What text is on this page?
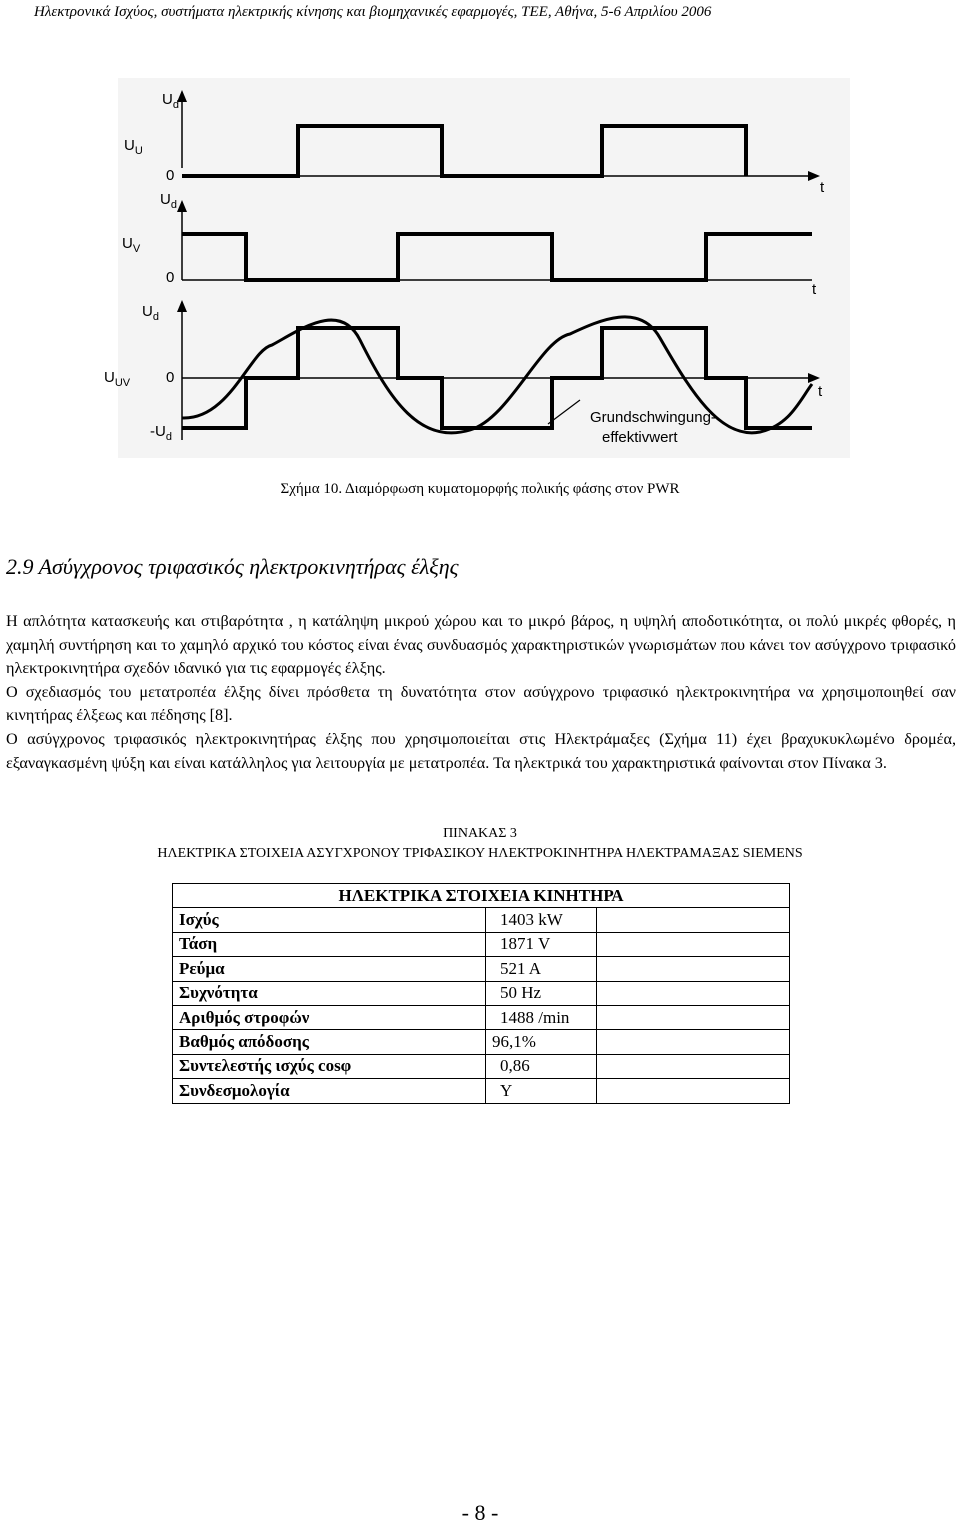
Ηλεκτρονικά Ισχύος, συστήματα ηλεκτρικής κίνησης και βιομηχανικές εφαρμογές, ΤΕΕ, Αθήνα, 5-6 Απριλίου 2006
$U_d$
$U_U$
0
t
$U_d$
$U_V$
0
t
$U_d$
$U_{UV}$ 0
t
$-U_d$
Grundschwingung-
effektivwert
Σχήμα 10. Διαμόρφωση κυματομορφής πολικής φάσης στον PWR
2.9 Ασύγχρονος τριφασικός ηλεκτροκινητήρας έλξης

Η απλότητα κατασκευής και στιβαρότητα , η κατάληψη μικρού χώρου και το μικρό βάρος, η υψηλή αποδοτικότητα, οι πολύ μικρές φθορές, η χαμηλή συντήρηση και το χαμηλό αρχικό του κόστος είναι ένας συνδυασμός χαρακτηριστικών γνωρισμάτων που κάνει τον ασύγχρονο τριφασικό ηλεκτροκινητήρα σχεδόν ιδανικό για τις εφαρμογές έλξης.

Ο σχεδιασμός του μετατροπέα έλξης δίνει πρόσθετα τη δυνατότητα στον ασύγχρονο τριφασικό ηλεκτροκινητήρα να χρησιμοποιηθεί σαν κινητήρας έλξεως και πέδησης [8].

Ο ασύγχρονος τριφασικός ηλεκτροκινητήρας έλξης που χρησιμοποιείται στις Ηλεκτράμαξες (Σχήμα 11) έχει βραχυκυκλωμένο δρομέα, εξαναγκασμένη ψύξη και είναι κατάλληλος για λειτουργία με μετατροπέα. Τα ηλεκτρικά του χαρακτηριστικά φαίνονται στον Πίνακα 3.

ΠΙΝΑΚΑΣ 3
ΗΛΕΚΤΡΙΚΑ ΣΤΟΙΧΕΙΑ ΑΣΥΓΧΡΟΝΟΥ ΤΡΙΦΑΣΙΚΟΥ ΗΛΕΚΤΡΟΚΙΝΗΤΗΡΑ ΗΛΕΚΤΡΑΜΑΞΑΣ SIEMENS
ΗΛΕΚΤΡΙΚΑ ΣΤΟΙΧΕΙΑ ΚΙΝΗΤΗΡΑ		
Ισχύς	1403 kW	
Τάση	1871 V	
Ρεύμα	521 A	
Συχνότητα	50 Hz	
Αριθμός στροφών	1488 /min	
Βαθμός απόδοσης	96,1%	
Συντελεστής ισχύς cosφ	0,86	
Συνδεσμολογία	Y	
- 8 -
